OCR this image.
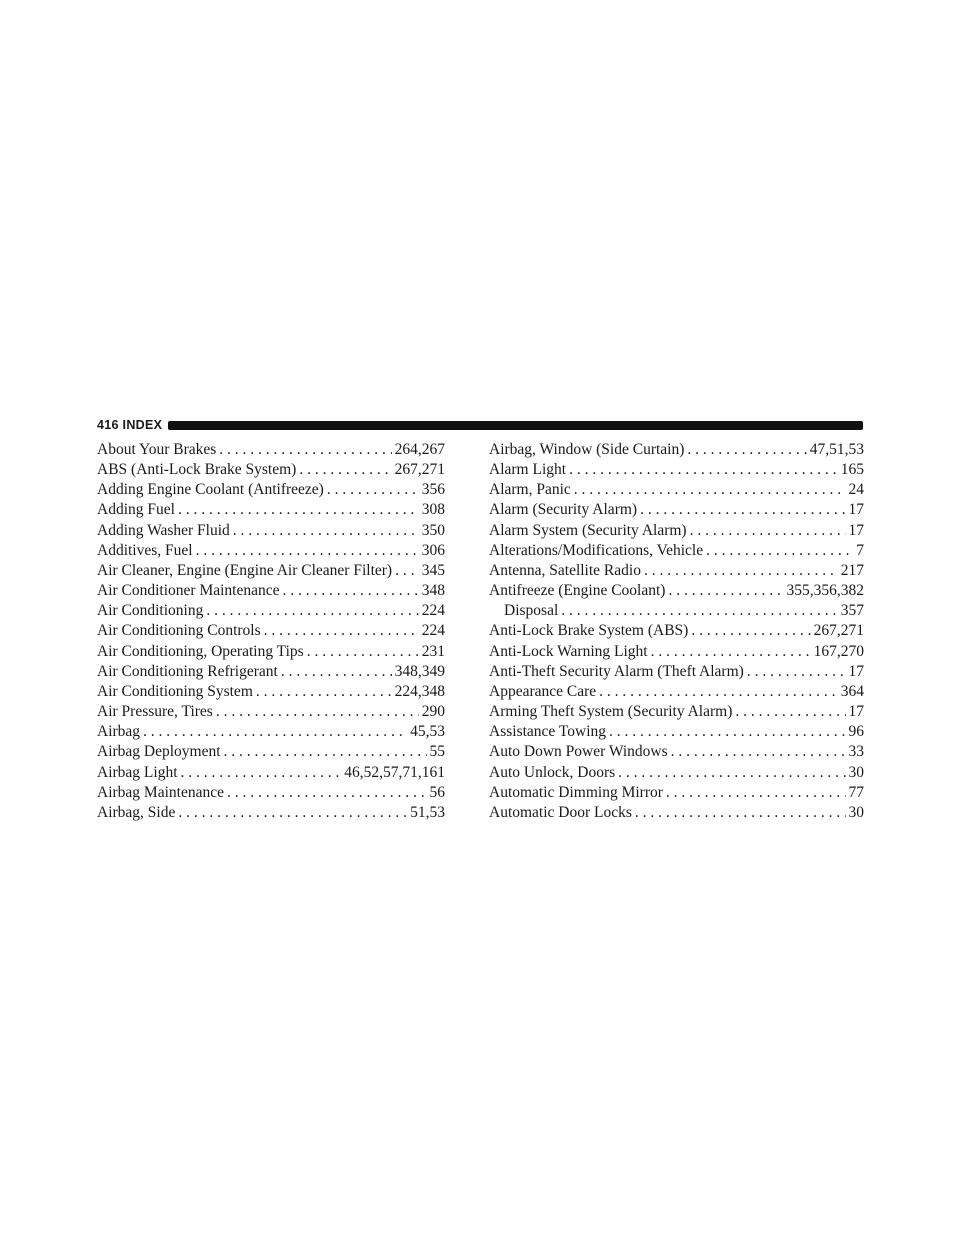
416 INDEX
About Your Brakes . . .	264,267
ABS (Anti-Lock Brake System) . . .	267,271
Adding Engine Coolant (Antifreeze) . . .	356
Adding Fuel . . .	308
Adding Washer Fluid . . .	350
Additives, Fuel . . .	306
Air Cleaner, Engine (Engine Air Cleaner Filter) . . . 345
Air Conditioner Maintenance . . .	348
Air Conditioning . . .	224
Air Conditioning Controls . . .	224
Air Conditioning, Operating Tips . . .	231
Air Conditioning Refrigerant . . .	348,349
Air Conditioning System . . .	224,348
Air Pressure, Tires . . .	290
Airbag . . .	45,53
Airbag Deployment . . .	55
Airbag Light . . .	46,52,57,71,161
Airbag Maintenance . . .	56
Airbag, Side . . .	51,53
Airbag, Window (Side Curtain) . . .	47,51,53
Alarm Light . . .	165
Alarm, Panic . . .	24
Alarm (Security Alarm) . . .	17
Alarm System (Security Alarm) . . .	17
Alterations/Modifications, Vehicle . . .	7
Antenna, Satellite Radio . . .	217
Antifreeze (Engine Coolant) . . .	355,356,382
Disposal . . .	357
Anti-Lock Brake System (ABS) . . .	267,271
Anti-Lock Warning Light . . .	167,270
Anti-Theft Security Alarm (Theft Alarm) . . .	17
Appearance Care . . .	364
Arming Theft System (Security Alarm) . . .	17
Assistance Towing . . .	96
Auto Down Power Windows . . .	33
Auto Unlock, Doors . . .	30
Automatic Dimming Mirror . . .	77
Automatic Door Locks . . .	30
